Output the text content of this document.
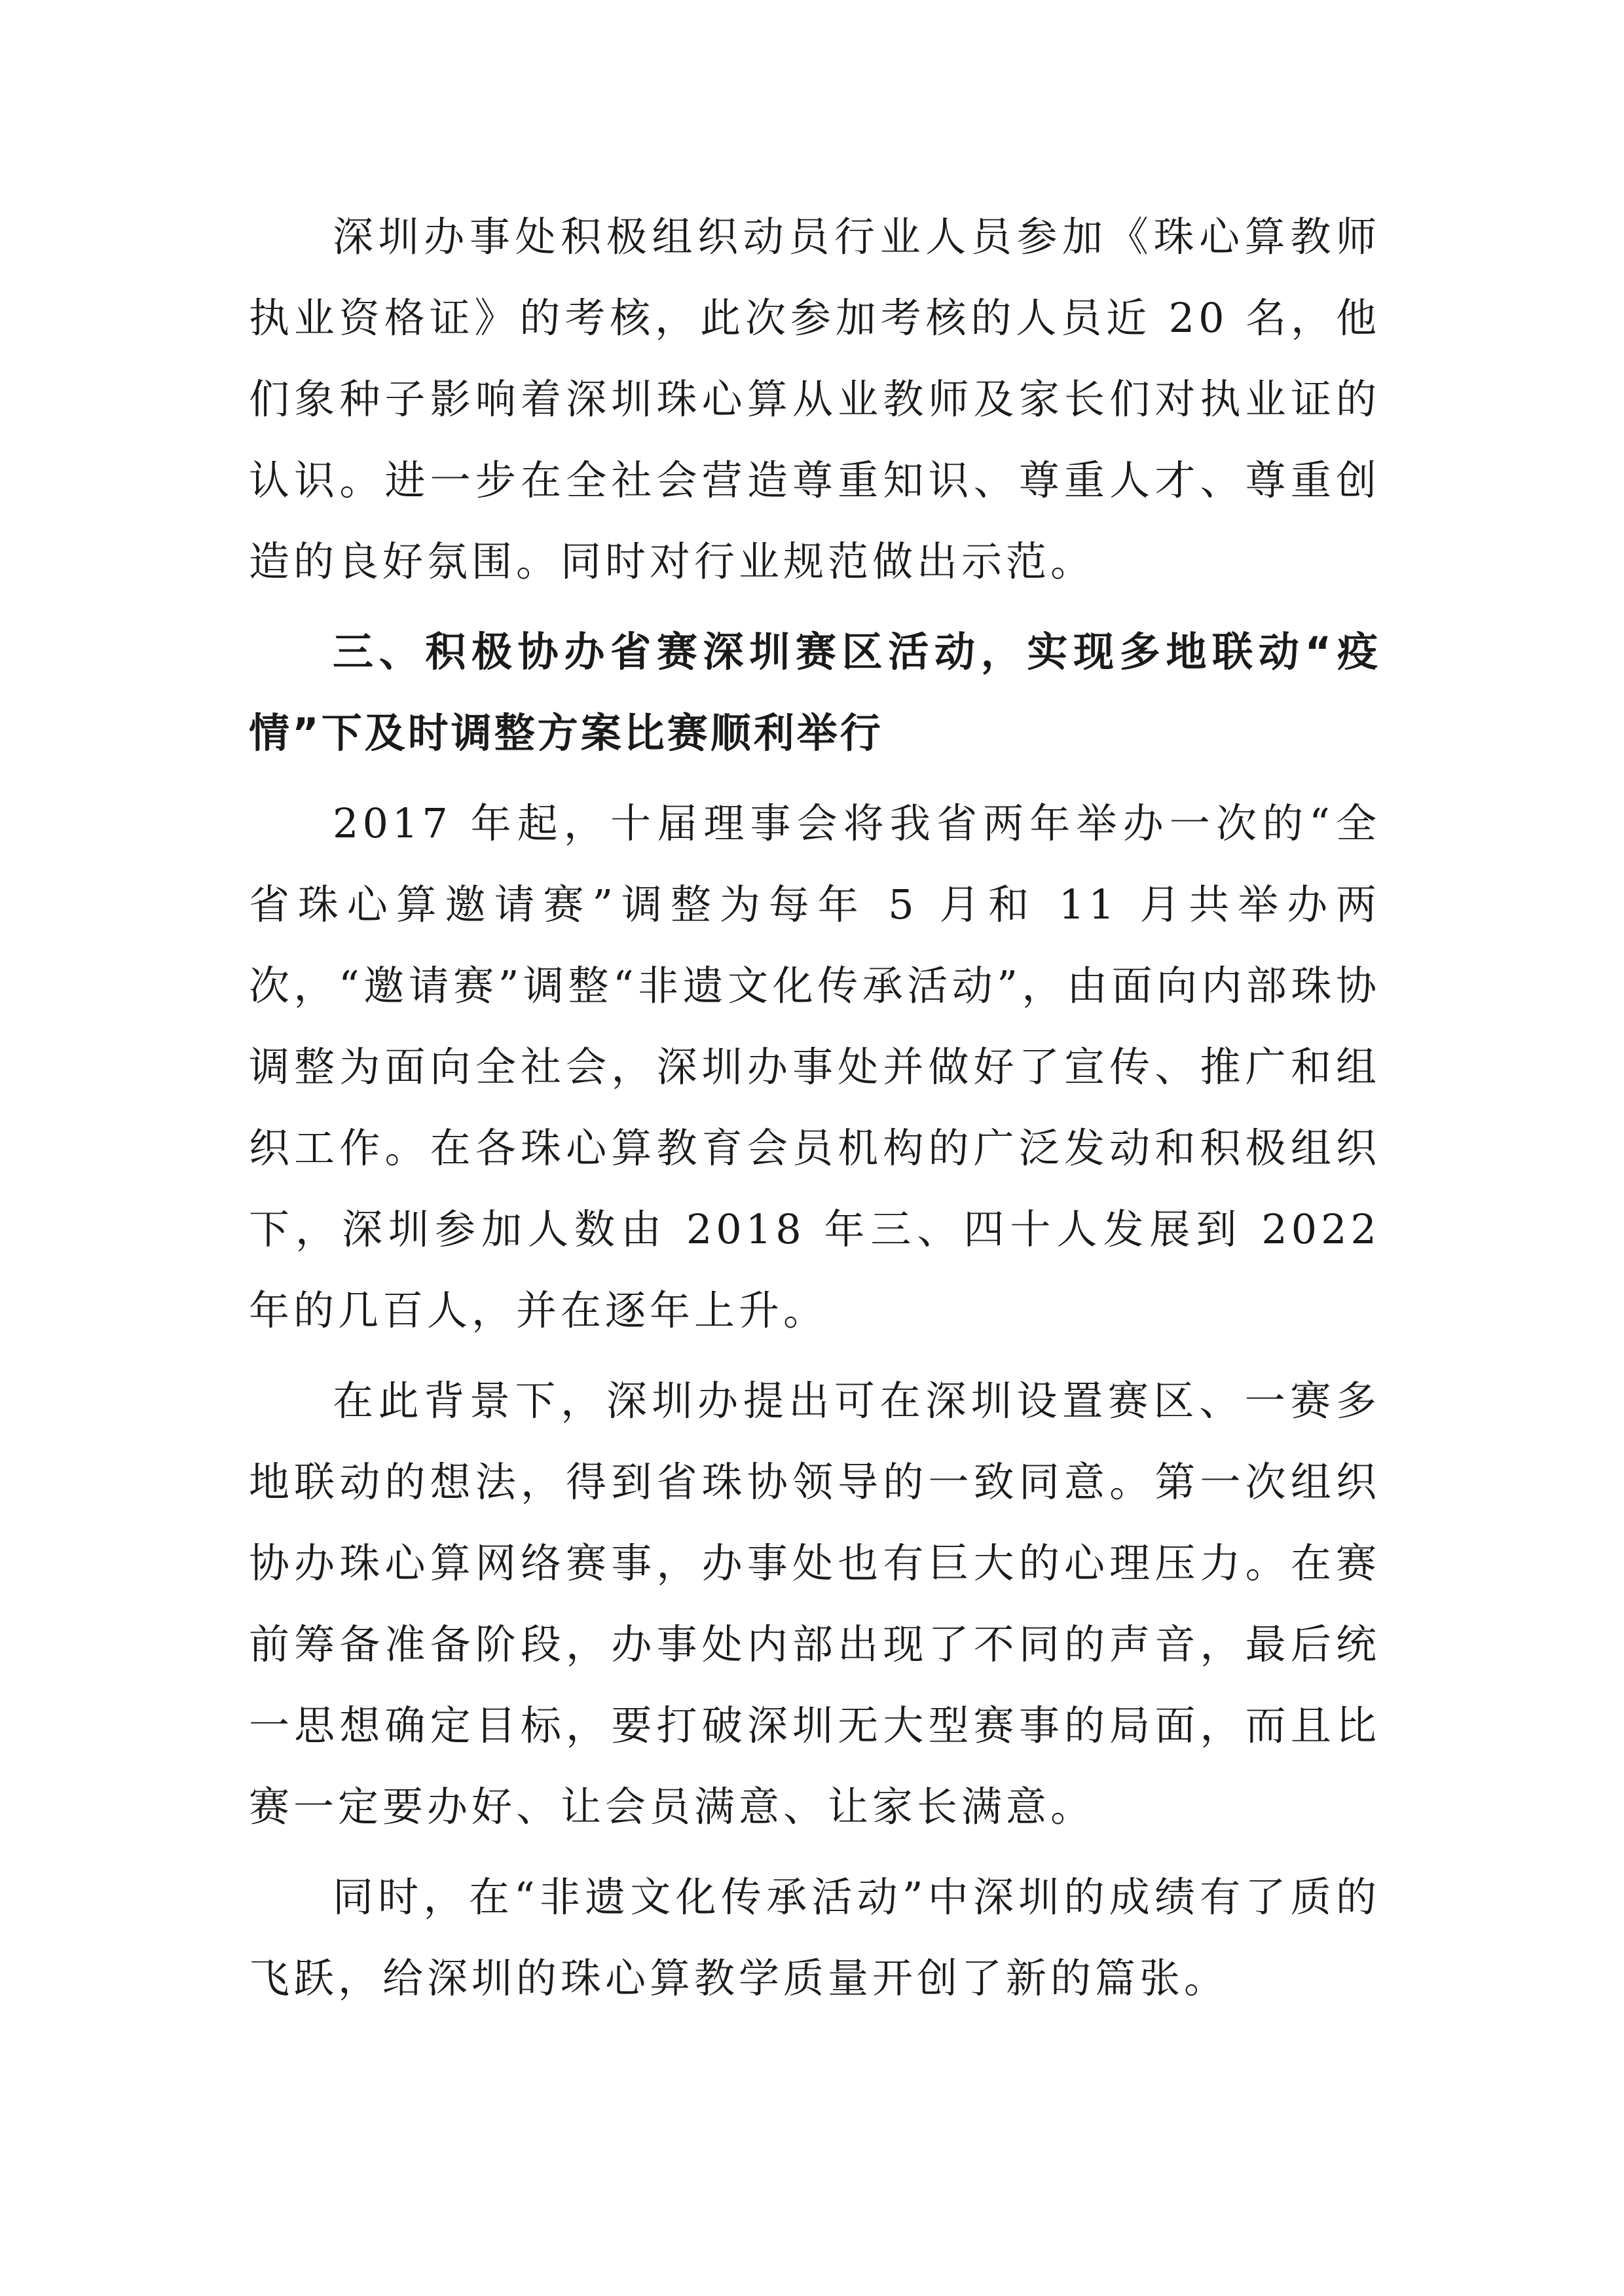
深圳办事处积极组织动员行业人员参加《珠心算教师执业资格证》的考核，此次参加考核的人员近 20 名，他们象种子影响着深圳珠心算从业教师及家长们对执业证的认识。进一步在全社会营造尊重知识、尊重人才、尊重创造的良好氛围。同时对行业规范做出示范。

三、积极协办省赛深圳赛区活动，实现多地联动“疫情”下及时调整方案比赛顺利举行

2017 年起，十届理事会将我省两年举办一次的“全省珠心算邀请赛”调整为每年 5 月和 11 月共举办两次，“邀请赛”调整“非遗文化传承活动”，由面向内部珠协调整为面向全社会，深圳办事处并做好了宣传、推广和组织工作。在各珠心算教育会员机构的广泛发动和积极组织下，深圳参加人数由 2018 年三、四十人发展到 2022 年的几百人，并在逐年上升。

在此背景下，深圳办提出可在深圳设置赛区、一赛多地联动的想法，得到省珠协领导的一致同意。第一次组织协办珠心算网络赛事，办事处也有巨大的心理压力。在赛前筹备准备阶段，办事处内部出现了不同的声音，最后统一思想确定目标，要打破深圳无大型赛事的局面，而且比赛一定要办好、让会员满意、让家长满意。

同时，在“非遗文化传承活动”中深圳的成绩有了质的飞跃，给深圳的珠心算教学质量开创了新的篇张。
